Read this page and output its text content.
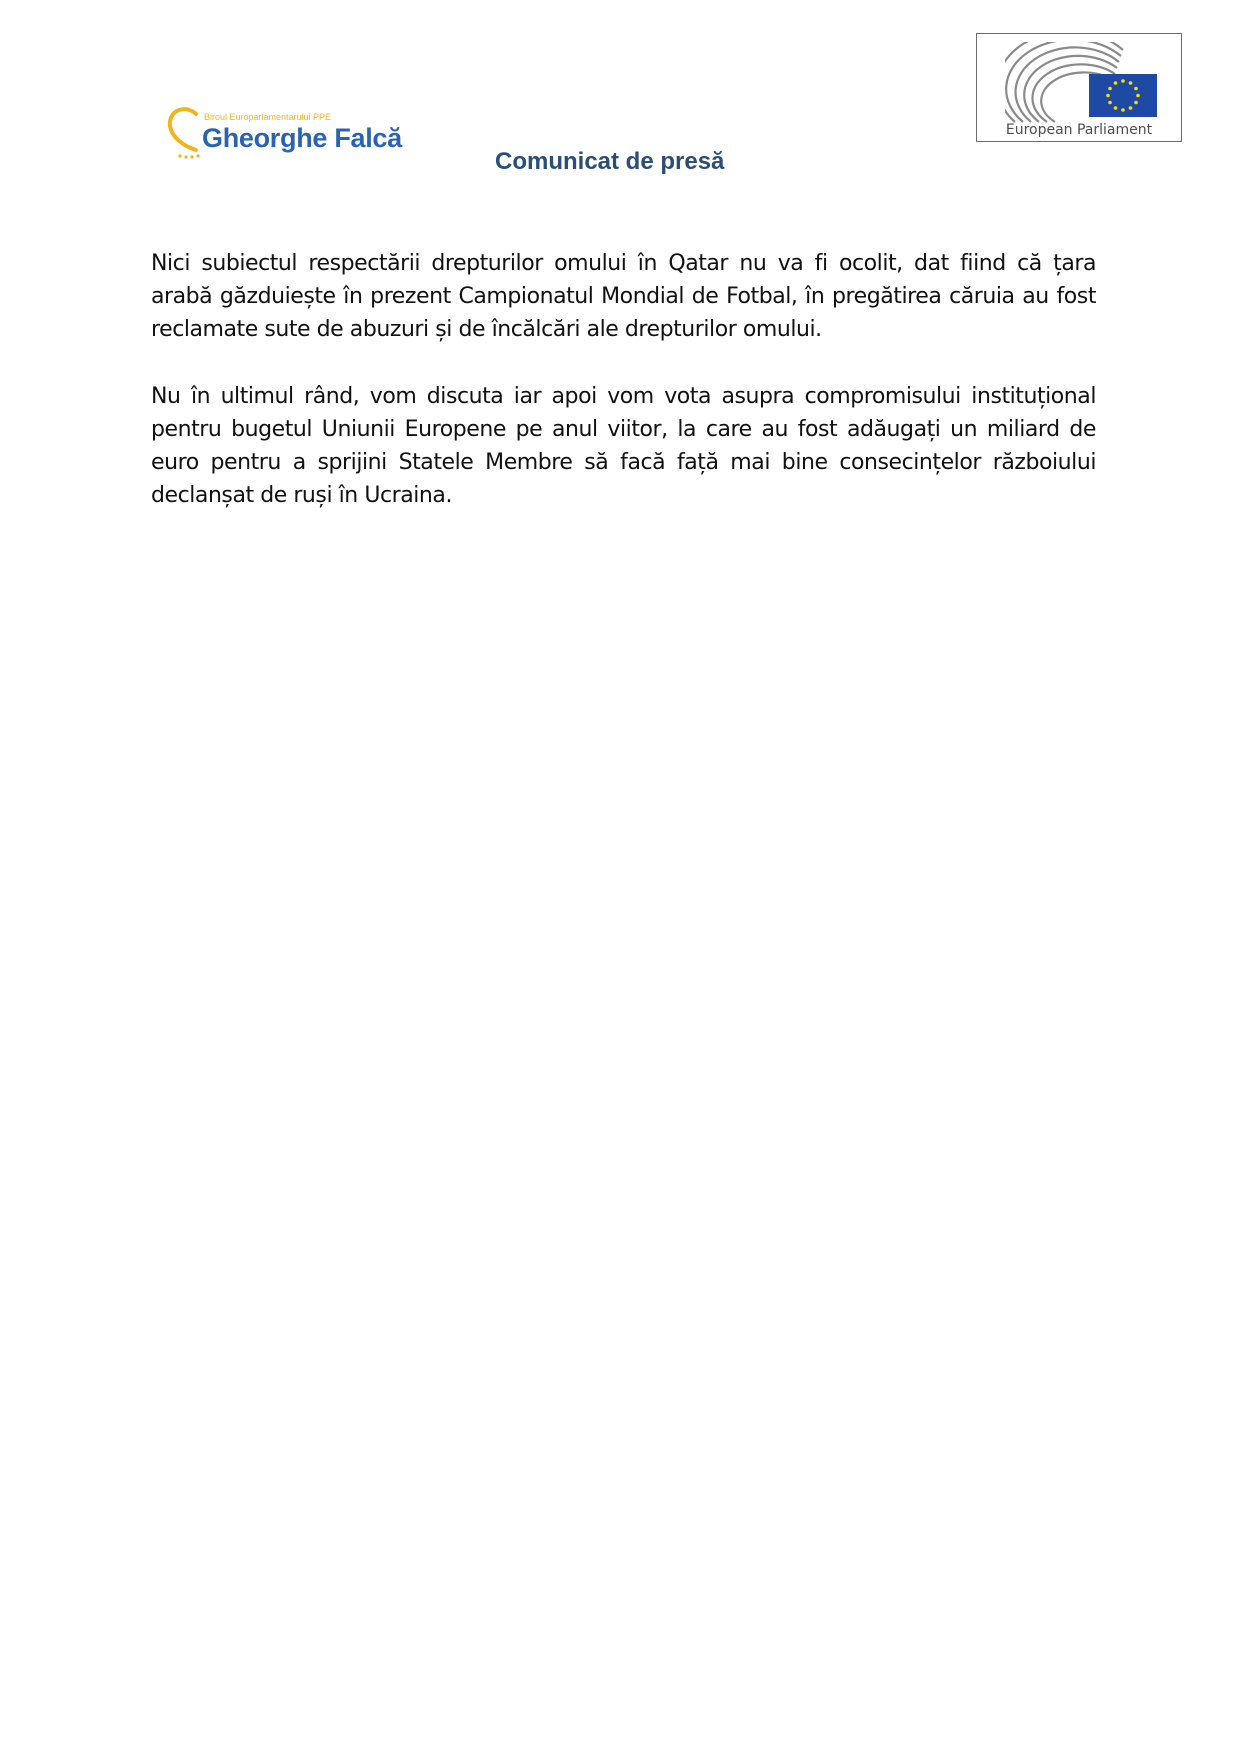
Biroul Europarlamentarului PPE
Gheorghe Falcă	European Parliament
Comunicat de presă

Nici subiectul respectării drepturilor omului în Qatar nu va fi ocolit, dat fiind că țara arabă găzduiește în prezent Campionatul Mondial de Fotbal, în pregătirea căruia au fost reclamate sute de abuzuri și de încălcări ale drepturilor omului.

Nu în ultimul rând, vom discuta iar apoi vom vota asupra compromisului instituțional pentru bugetul Uniunii Europene pe anul viitor, la care au fost adăugați un miliard de euro pentru a sprijini Statele Membre să facă față mai bine consecințelor războiului declanșat de ruși în Ucraina.
